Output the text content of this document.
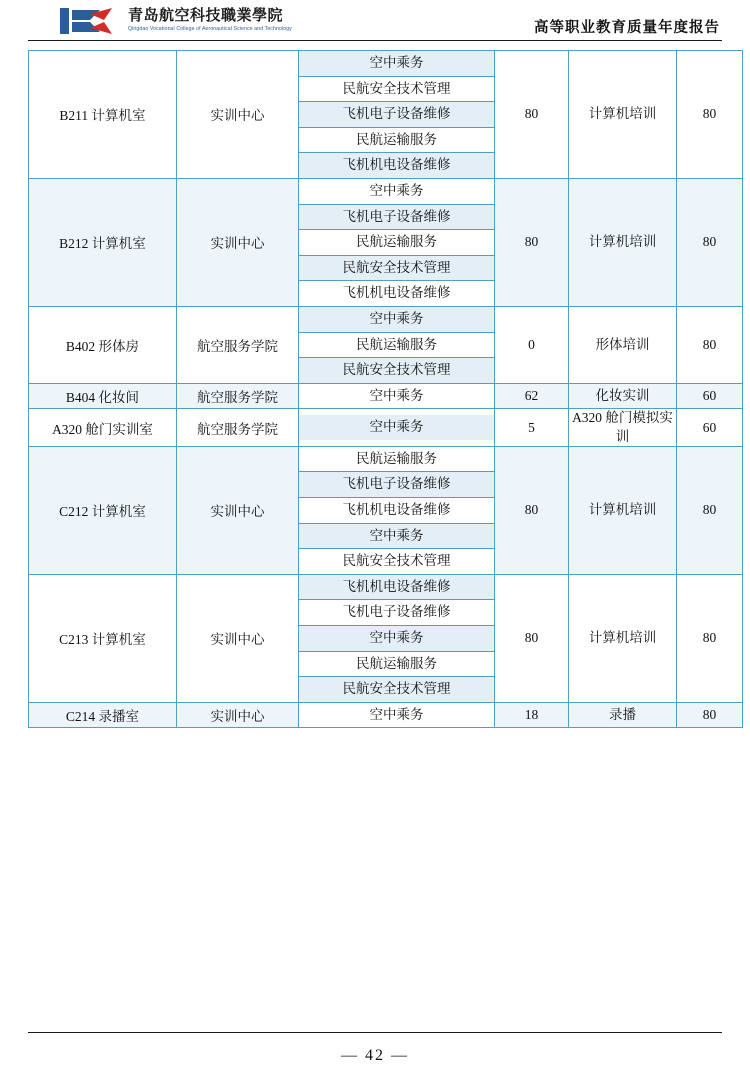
青岛航空科技職業學院
Qingdao Vocational College of Aeronautical Science and Technology	高等职业教育质量年度报告
B211 计算机室	实训中心	空中乘务
民航安全技术管理
飞机电子设备维修
民航运输服务
飞机机电设备维修	80	计算机培训	80
B212 计算机室	实训中心	空中乘务
飞机电子设备维修
民航运输服务
民航安全技术管理
飞机机电设备维修	80	计算机培训	80
B402 形体房	航空服务学院	空中乘务
民航运输服务
民航安全技术管理	0	形体培训	80
B404 化妆间	航空服务学院	空中乘务	62	化妆实训	60
A320 舱门实训室	航空服务学院	空中乘务	5	A320 舱门模拟实训	60
C212 计算机室	实训中心	民航运输服务
飞机电子设备维修
飞机机电设备维修
空中乘务
民航安全技术管理	80	计算机培训	80
C213 计算机室	实训中心	飞机机电设备维修
飞机电子设备维修
空中乘务
民航运输服务
民航安全技术管理	80	计算机培训	80
C214 录播室	实训中心	空中乘务	18	录播	80
— 42 —
